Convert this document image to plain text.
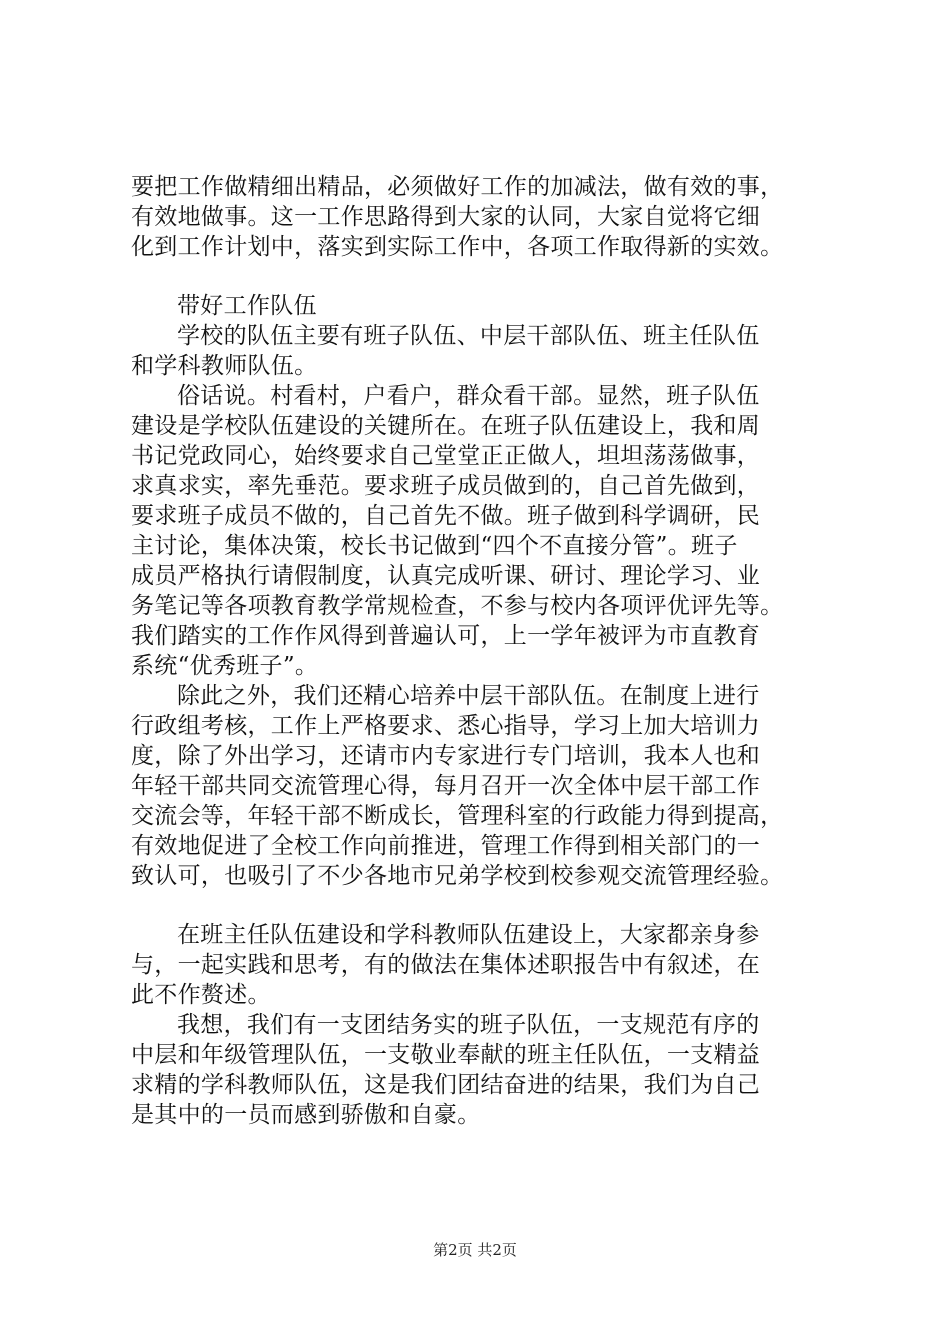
要把工作做精细出精品，必须做好工作的加减法，做有效的事，
有效地做事。这一工作思路得到大家的认同，大家自觉将它细
化到工作计划中，落实到实际工作中，各项工作取得新的实效。
带好工作队伍
学校的队伍主要有班子队伍、中层干部队伍、班主任队伍
和学科教师队伍。
俗话说。村看村，户看户，群众看干部。显然，班子队伍
建设是学校队伍建设的关键所在。在班子队伍建设上，我和周
书记党政同心，始终要求自己堂堂正正做人，坦坦荡荡做事，
求真求实，率先垂范。要求班子成员做到的，自己首先做到，
要求班子成员不做的，自己首先不做。班子做到科学调研，民
主讨论，集体决策，校长书记做到“四个不直接分管”。班子
成员严格执行请假制度，认真完成听课、研讨、理论学习、业
务笔记等各项教育教学常规检查，不参与校内各项评优评先等。
我们踏实的工作作风得到普遍认可，上一学年被评为市直教育
系统“优秀班子”。
除此之外，我们还精心培养中层干部队伍。在制度上进行
行政组考核，工作上严格要求、悉心指导，学习上加大培训力
度，除了外出学习，还请市内专家进行专门培训，我本人也和
年轻干部共同交流管理心得，每月召开一次全体中层干部工作
交流会等，年轻干部不断成长，管理科室的行政能力得到提高，
有效地促进了全校工作向前推进，管理工作得到相关部门的一
致认可，也吸引了不少各地市兄弟学校到校参观交流管理经验。
在班主任队伍建设和学科教师队伍建设上，大家都亲身参
与，一起实践和思考，有的做法在集体述职报告中有叙述，在
此不作赘述。
我想，我们有一支团结务实的班子队伍，一支规范有序的
中层和年级管理队伍，一支敬业奉献的班主任队伍，一支精益
求精的学科教师队伍，这是我们团结奋进的结果，我们为自己
是其中的一员而感到骄傲和自豪。
第2页 共2页
